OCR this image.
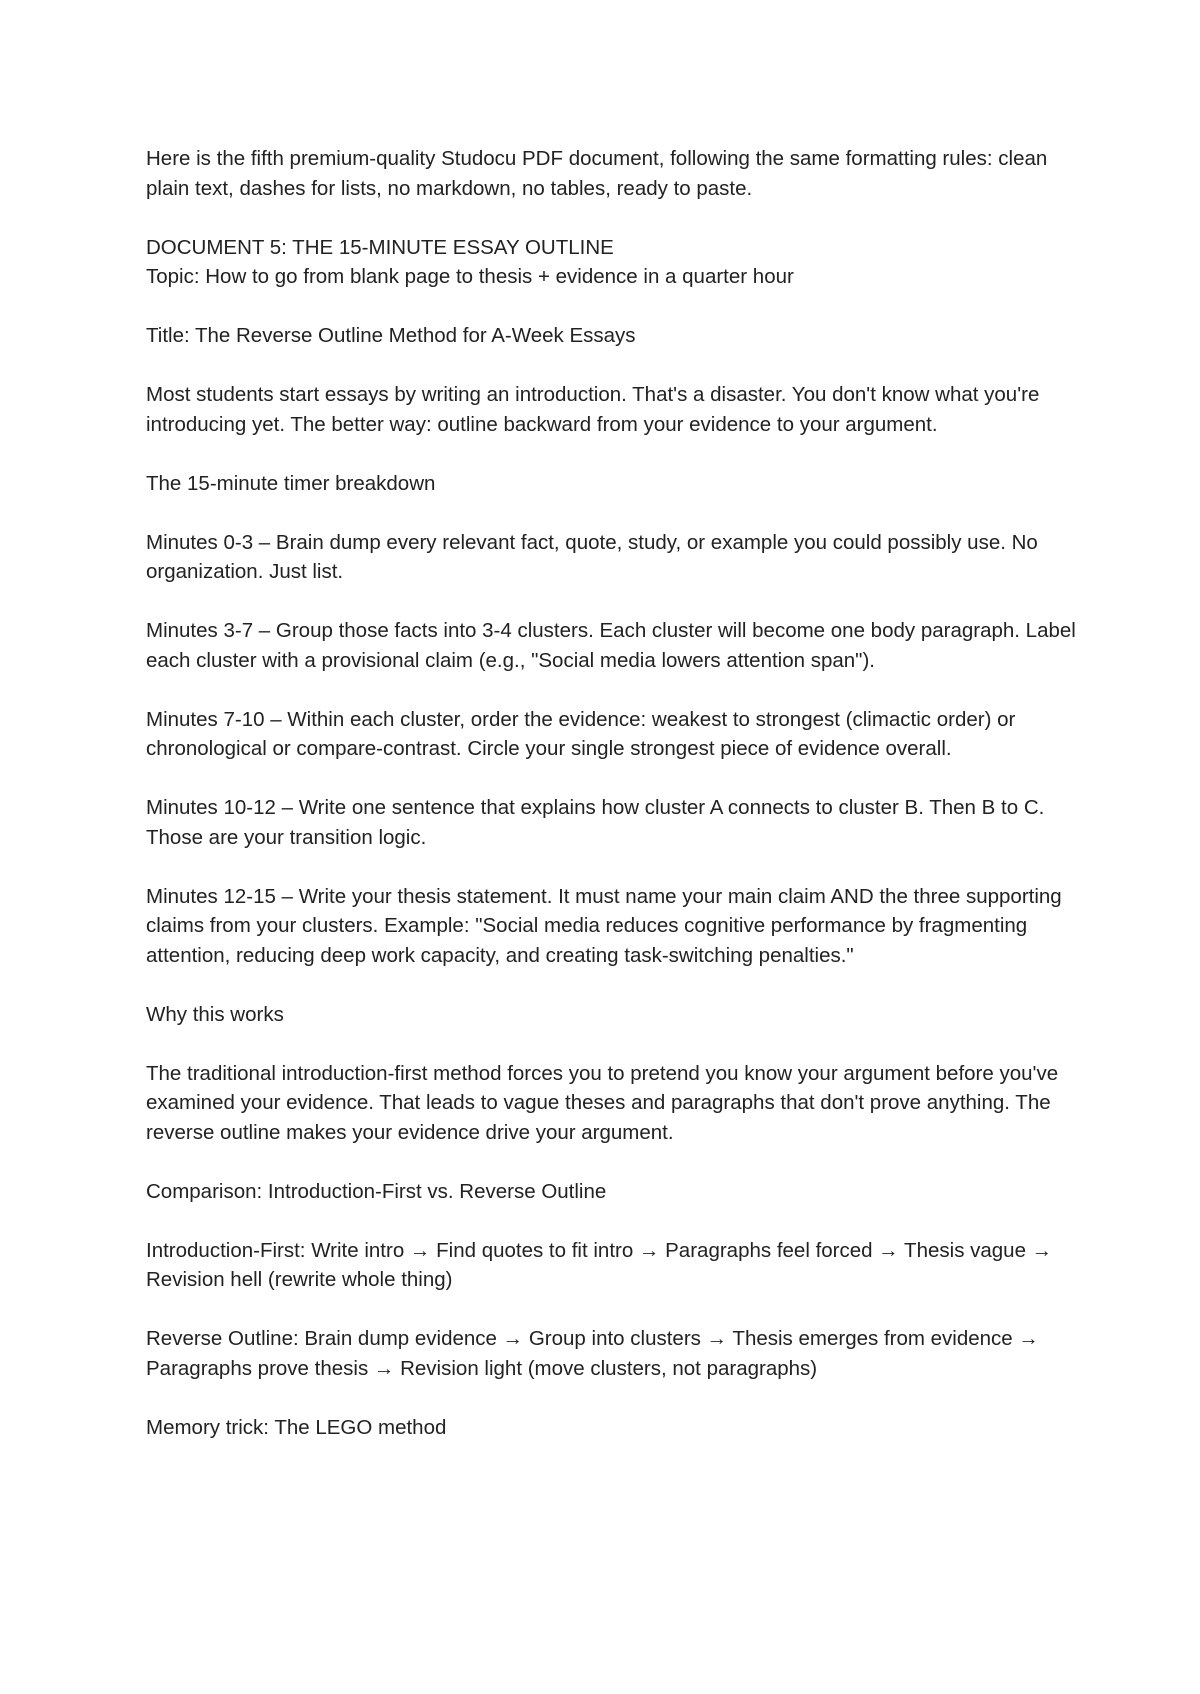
Here is the fifth premium-quality Studocu PDF document, following the same formatting rules: clean plain text, dashes for lists, no markdown, no tables, ready to paste.

DOCUMENT 5: THE 15-MINUTE ESSAY OUTLINE

Topic: How to go from blank page to thesis + evidence in a quarter hour

Title: The Reverse Outline Method for A-Week Essays

Most students start essays by writing an introduction. That's a disaster. You don't know what you're introducing yet. The better way: outline backward from your evidence to your argument.

The 15-minute timer breakdown

Minutes 0-3 – Brain dump every relevant fact, quote, study, or example you could possibly use. No organization. Just list.

Minutes 3-7 – Group those facts into 3-4 clusters. Each cluster will become one body paragraph. Label each cluster with a provisional claim (e.g., "Social media lowers attention span").

Minutes 7-10 – Within each cluster, order the evidence: weakest to strongest (climactic order) or chronological or compare-contrast. Circle your single strongest piece of evidence overall.

Minutes 10-12 – Write one sentence that explains how cluster A connects to cluster B. Then B to C. Those are your transition logic.

Minutes 12-15 – Write your thesis statement. It must name your main claim AND the three supporting claims from your clusters. Example: "Social media reduces cognitive performance by fragmenting attention, reducing deep work capacity, and creating task-switching penalties."

Why this works

The traditional introduction-first method forces you to pretend you know your argument before you've examined your evidence. That leads to vague theses and paragraphs that don't prove anything. The reverse outline makes your evidence drive your argument.

Comparison: Introduction-First vs. Reverse Outline

Introduction-First: Write intro → Find quotes to fit intro → Paragraphs feel forced → Thesis vague → Revision hell (rewrite whole thing)

Reverse Outline: Brain dump evidence → Group into clusters → Thesis emerges from evidence → Paragraphs prove thesis → Revision light (move clusters, not paragraphs)

Memory trick: The LEGO method
